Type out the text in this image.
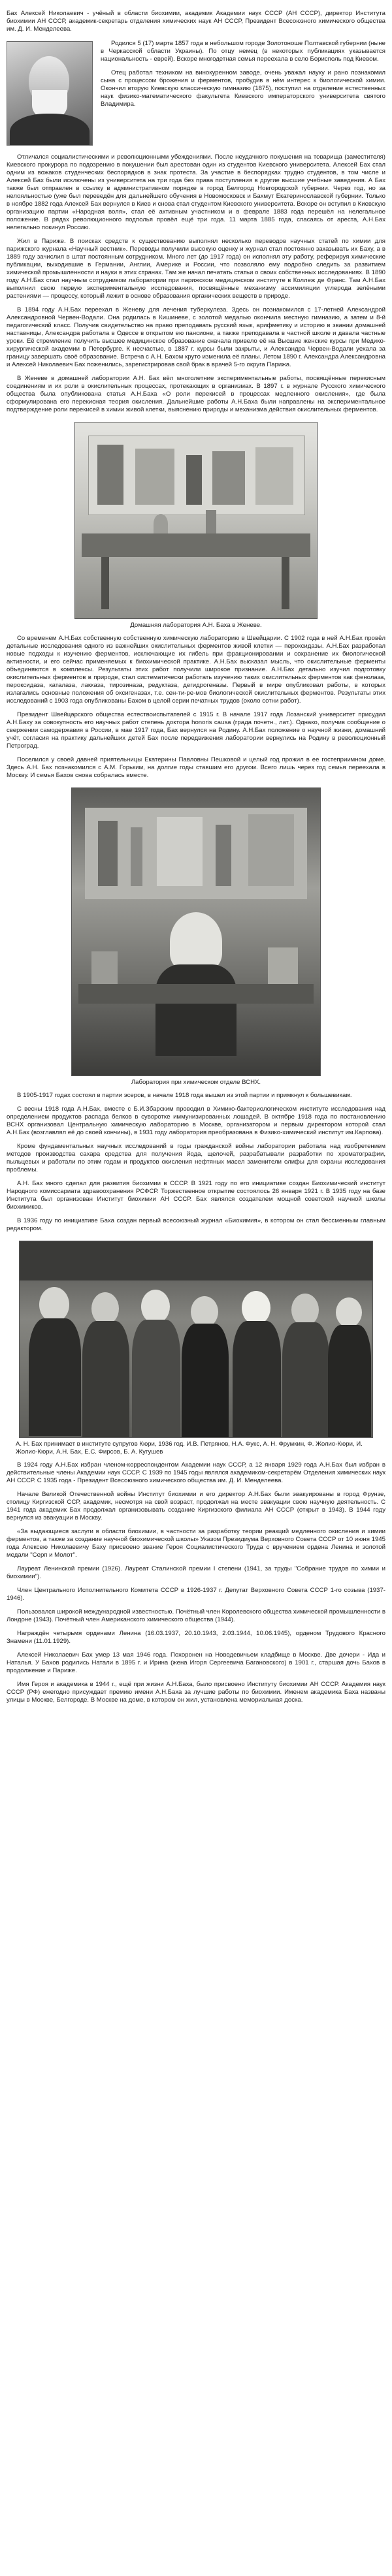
Бах Алексей Николаевич - учёный в области биохимии, академик Академии наук СССР (АН СССР), директор Института биохимии АН СССР, академик-секретарь отделения химических наук АН СССР, Президент Всесоюзного химического общества им. Д. И. Менделеева.

Родился 5 (17) марта 1857 года в небольшом городе Золотоноше Полтавской губернии (ныне в Черкасской области Украины). По отцу немец (в некоторых публикациях указывается национальность - еврей). Вскоре многодетная семья переехала в село Борисполь под Киевом.

Отец работал техником на винокуренном заводе, очень уважал науку и рано познакомил сына с процессом брожения и ферментов, пробудив в нём интерес к биологической химии. Окончил вторую Киевскую классическую гимназию (1875), поступил на отделение естественных наук физико-математического факультета Киевского императорского университета святого Владимира.

Отличался социалистическими и революционными убеждениями. После неудачного покушения на товарища (заместителя) Киевского прокурора по подозрению в покушении был арестован один из студентов Киевского университета. Алексей Бах стал одним из вожаков студенческих беспорядков в знак протеста. За участие в беспорядках трудно студентов, в том числе и Алексей Бах были исключены из университета на три года без права поступления в другие высшие учебные заведения. А Бах также был отправлен в ссылку в административном порядке в город Белгород Новгородской губернии. Через год, но за нелояльностью (уже был переведён для дальнейшего обучения в Новомосковск и Бахмут Екатеринославской губернии. Только в ноябре 1882 года Алексей Бах вернулся в Киев и снова стал студентом Киевского университета. Вскоре он вступил в Киевскую организацию партии «Народная воля», стал её активным участником и в феврале 1883 года перешёл на нелегальное положение. В рядах революционного подполья провёл ещё три года. 11 марта 1885 года, спасаясь от ареста, А.Н.Бах нелегально покинул Россию.

Жил в Париже. В поисках средств к существованию выполнял несколько переводов научных статей по химии для парижского журнала «Научный вестник». Переводы получили высокую оценку и журнал стал постоянно заказывать их Баху, а в 1889 году зачислил в штат постоянным сотрудником. Много лет (до 1917 года) он исполнял эту работу, реферируя химические публикации, выходившие в Германии, Англии, Америке и России, что позволяло ему подробно следить за развитием химической промышленности и науки в этих странах. Там же начал печатать статьи о своих собственных исследованиях. В 1890 году А.Н.Бах стал научным сотрудником лаборатории при парижском медицинском институте в Коллеж де Франс. Там А.Н.Бах выполнил свою первую экспериментальную исследования, посвящённые механизму ассимиляции углерода зелёными растениями — процессу, который лежит в основе образования органических веществ в природе.

В 1894 году А.Н.Бах переехал в Женеву для лечения туберкулеза. Здесь он познакомился с 17-летней Александрой Александровной Червен-Водали. Она родилась в Кишиневе, с золотой медалью окончила местную гимназию, а затем и 8-й педагогический класс. Получив свидетельство на право преподавать русский язык, арифметику и историю в звании домашней наставницы, Александра работала в Одессе в открытом ею пансионе, а также преподавала в частной школе и давала частные уроки. Её стремление получить высшее медицинское образование сначала привело её на Высшие женские курсы при Медико-хирургической академии в Петербурге. К несчастью, в 1887 г. курсы были закрыты, и Александра Червен-Водали уехала за границу завершать своё образование. Встреча с А.Н. Бахом круто изменила её планы. Летом 1890 г. Александра Александровна и Алексей Николаевич Бах поженились, зарегистрировав свой брак в врачей 5-го округа Парижа.

В Женеве в домашней лаборатории А.Н. Бах вёл многолетние экспериментальные работы, посвящённые перекисным соединениям и их роли в окислительных процессах, протекающих в организмах. В 1897 г. в журнале Русского химического общества была опубликована статья А.Н.Баха «О роли перекисей в процессах медленного окисления», где была сформулирована его перекисная теория окисления. Дальнейшие работы А.Н.Баха были направлены на экспериментальное подтверждение роли перекисей в химии живой клетки, выяснению природы и механизма действия окислительных ферментов.

Домашняя лаборатория А.Н. Баха в Женеве.

Со временем А.Н.Бах собственную собственную химическую лабораторию в Швейцарии. С 1902 года в ней А.Н.Бах провёл детальные исследования одного из важнейших окислительных ферментов живой клетки — пероксидазы. А.Н.Бах разработал новые подходы к изучению ферментов, исключающие их гибель при фракционировании и сохранение их биологической активности, и его сейчас применяемых к биохимической практике. А.Н.Бах высказал мысль, что окислительные ферменты объединяются в комплексы. Результаты этих работ получили широкое признание. А.Н.Бах детально изучил подготовку окислительных ферментов в природе, стал систематически работать изучению таких окислительных ферментов как фенолаза, пероксидаза, каталаза, лакказа, тирозиназа, редуктаза, дегидрогеназы. Первый в мире опубликовал работы, в которых излагались основные положения об оксигеназах, т.е. сен-ти-ре-мов биологической окислительных ферментов. Результаты этих исследований с 1903 года опубликованы Бахом в целой серии печатных трудов (около сотни работ).

Президент Швейцарского общества естествоиспытателей с 1915 г. В начале 1917 года Лозанский университет присудил А.Н.Баху за совокупность его научных работ степень доктора honoris causa (градa почетн., лат.). Однако, получив сообщение о свержении самодержавия в России, в мае 1917 года, Бах вернулся на Родину. А.Н.Бах положение о научной жизни, домашний учёт, согласия на практику дальнейших детей Бах после передвижения лаборатории вернулись на Родину в революционный Петроград.

Поселился у своей давней приятельницы Екатерины Павловны Пешковой и целый год прожил в ее гостеприимном доме. Здесь А.Н. Бах познакомился с А.М. Горьким, на долгие годы ставшим его другом. Всего лишь через год семья переехала в Москву. И семья Бахов снова собралась вместе.

Лаборатория при химическом отделе ВСНХ.

В 1905-1917 годах состоял в партии эсеров, в начале 1918 года вышел из этой партии и примкнул к большевикам.

С весны 1918 года А.Н.Бах, вместе с Б.И.Збарским проводил в Химико-бактериологическом институте исследования над определением продуктов распада белков в суворотке иммунизированных лошадей. В октябре 1918 года по постановлению ВСНХ организовал Центральную химическую лабораторию в Москве, организатором и первым директором которой стал А.Н.Бах (возглавлял её до своей кончины), в 1931 году лаборатория преобразована в Физико-химический институт им.Карпова).

Кроме фундаментальных научных исследований в годы гражданской войны лаборатории работала над изобретением методов производства сахара средства для получения йода, щелочей, разрабатывали разработки по хроматографии, пыльцевых и работали по этим годам и продуктов окисления нефтяных масел заменители олифы для охраны исследования проблемы.

А.Н. Бах много сделал для развития биохимии в СССР. В 1921 году по его инициативе создан Биохимический институт Народного комиссариата здравоохранения РСФСР. Торжественное открытие состоялось 26 января 1921 г. В 1935 году на базе Института был организован Институт биохимии АН СССР. Бах являлся создателем мощной советской научной школы биохимиков.

В 1936 году по инициативе Баха создан первый всесоюзный журнал «Биохимия», в котором он стал бессменным главным редактором.

А. Н. Бах принимает в институте супругов Кюри, 1936 год. И.В. Петрянов, Н.А. Фукс, А. Н. Фрумкин, Ф. Жолио-Кюри, И. Жолио-Кюри, А.Н. Бах, Е.С. Фирсов, Б. А. Кугушев

В 1924 году А.Н.Бах избран членом-корреспондентом Академии наук СССР, а 12 января 1929 года А.Н.Бах был избран в действительные члены Академии наук СССР. С 1939 по 1945 годы являлся академиком-секретарём Отделения химических наук АН СССР. С 1935 года - Президент Всесоюзного химического общества им. Д. И. Менделеева.

Начале Великой Отечественной войны Институт биохимии и его директор А.Н.Бах были эвакуированы в город Фрунзе, столицу Киргизской ССР, академик, несмотря на свой возраст, продолжал на месте эвакуации свою научную деятельность. С 1941 года академик Бах продолжал организовывать создание Киргизского филиала АН СССР (открыт в 1943). В 1944 году вернулся из эвакуации в Москву.

«За выдающиеся заслуги в области биохимии, в частности за разработку теории реакций медленного окисления и химии ферментов, а также за создание научной биохимической школы» Указом Президиума Верховного Совета СССР от 10 июня 1945 года Алексею Николаевичу Баху присвоено звание Героя Социалистического Труда с вручением ордена Ленина и золотой медали "Серп и Молот".

Лауреат Ленинской премии (1926). Лауреат Сталинской премии I степени (1941, за труды "Собрание трудов по химии и биохимии").

Член Центрального Исполнительного Комитета СССР в 1926-1937 г. Депутат Верховного Совета СССР 1-го созыва (1937-1946).

Пользовался широкой международной известностью. Почётный член Королевского общества химической промышленности в Лондоне (1943). Почётный член Американского химического общества (1944).

Награждён четырьмя орденами Ленина (16.03.1937, 20.10.1943, 2.03.1944, 10.06.1945), орденом Трудового Красного Знамени (11.01.1929).

Алексей Николаевич Бах умер 13 мая 1946 года. Похоронен на Новодевичьем кладбище в Москве. Две дочери - Ида и Наталья. У Бахов родились Натали в 1895 г. и Ирина (жена Игоря Сергеевича Багановского) в 1901 г., старшая дочь Бахов в продолжение и Париже.

Имя Героя и академика в 1944 г., ещё при жизни А.Н.Баха, было присвоено Институту биохимии АН СССР. Академия наук СССР (РФ) ежегодно присуждает премию имени А.Н.Баха за лучшие работы по биохимии. Именем академика Баха названы улицы в Москве, Белгороде. В Москве на доме, в котором он жил, установлена мемориальная доска.
